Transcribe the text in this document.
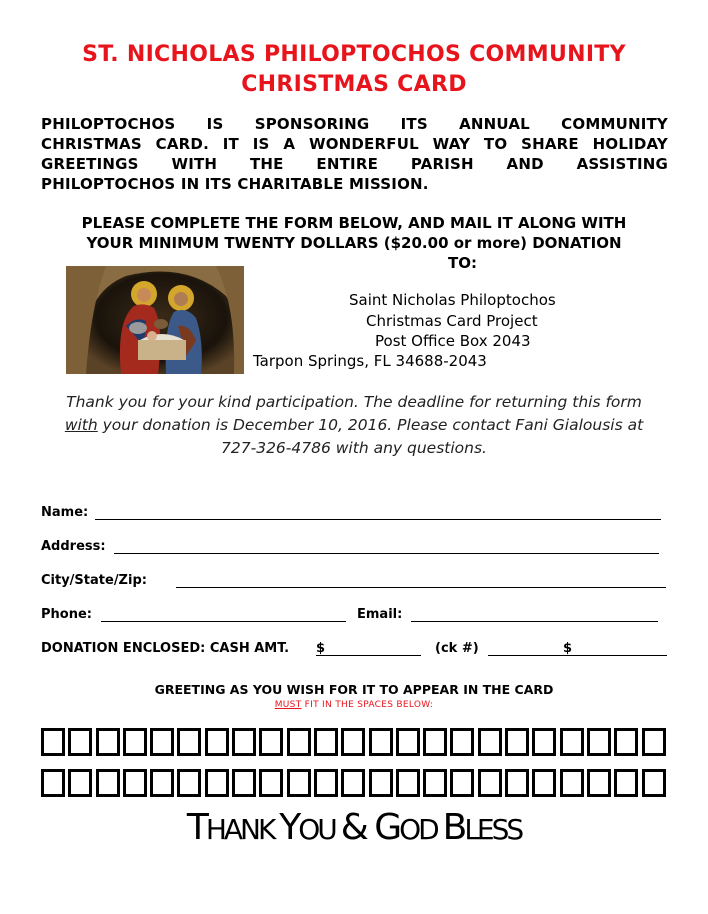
ST. NICHOLAS PHILOPTOCHOS COMMUNITY
CHRISTMAS CARD
PHILOPTOCHOS IS SPONSORING ITS ANNUAL COMMUNITY
CHRISTMAS CARD. IT IS A WONDERFUL WAY TO SHARE HOLIDAY
GREETINGS WITH THE ENTIRE PARISH AND ASSISTING
PHILOPTOCHOS IN ITS CHARITABLE MISSION.
PLEASE COMPLETE THE FORM BELOW, AND MAIL IT ALONG WITH
YOUR MINIMUM TWENTY DOLLARS ($20.00 or more) DONATION
TO:
Saint Nicholas Philoptochos
Christmas Card Project
Post Office Box 2043
Tarpon Springs, FL 34688-2043
Thank you for your kind participation. The deadline for returning this form
with your donation is December 10, 2016. Please contact Fani Gialousis at
727-326-4786 with any questions.
Name:
Address:
City/State/Zip:
Phone:	Email:
DONATION ENCLOSED: CASH AMT. $	(ck #)	$
GREETING AS YOU WISH FOR IT TO APPEAR IN THE CARD
MUST FIT IN THE SPACES BELOW:
THANK YOU & GOD BLESS
